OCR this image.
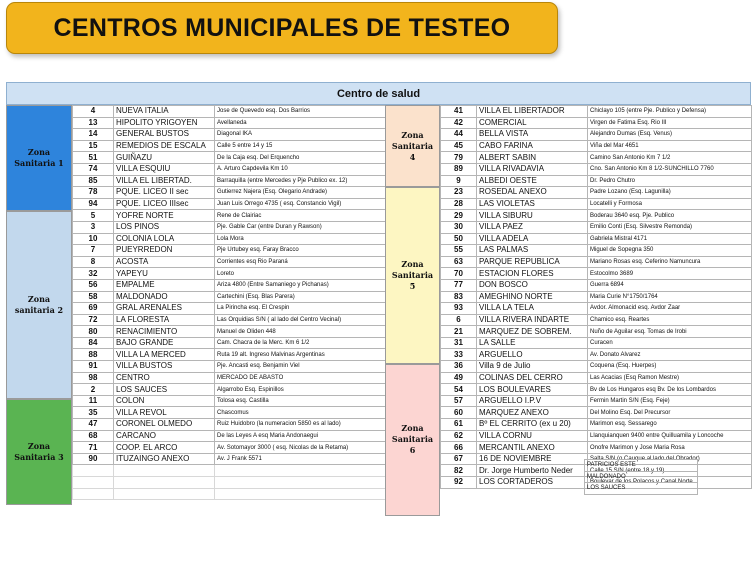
CENTROS MUNICIPALES DE TESTEO
Centro de salud
Zona
Sanitaria 1
Zona
sanitaria 2
Zona
Sanitaria 3
4	NUEVA ITALIA	Jose de Quevedo esq. Dos Barrios
13	HIPOLITO YRIGOYEN	Avellaneda
14	GENERAL BUSTOS	Diagonal IKA
15	REMEDIOS DE ESCALA	Calle 5 entre 14 y 15
51	GUIÑAZU	De la Caja esq. Del Erquencho
74	VILLA ESQUIU	A. Arturo Capdevila Km 10
85	VILLA EL LIBERTAD.	Barraquilla (entre Mercedes y Pje Publico ex. 12)
78	PQUE. LICEO II sec	Gutierrez Najera (Esq. Olegario Andrade)
94	PQUE. LICEO IIIsec	Juan Luis Orrego 4735 ( esq. Constancio Vigil)
5	YOFRE NORTE	Rene de Clairiac
3	LOS PINOS	Pje. Gable Car (entre Duran y Rawson)
10	COLONIA LOLA	Lola Mora
7	PUEYRREDON	Pje Urtubey esq. Faray Bracco
8	ACOSTA	Corrientes esq Rio Paraná
32	YAPEYU	Loreto
56	EMPALME	Ariza 4800 (Entre Samaniego y Pichanas)
58	MALDONADO	Cartechini (Esq. Blas Parera)
69	GRAL ARENALES	La Pirincha esq. El Crespin
72	LA FLORESTA	Las Orquidias S/N ( al lado del Centro Vecinal)
80	RENACIMIENTO	Manuel de Oliden 448
84	BAJO GRANDE	Cam. Chacra de la Merc. Km 6 1/2
88	VILLA LA MERCED	Ruta 19 alt. Ingreso Malvinas Argentinas
91	VILLA BUSTOS	Pje. Ancasti esq. Benjamin Viel
98	CENTRO	MERCADO DE ABASTO
2	LOS SAUCES	Algarrobo Esq. Espinillos
11	COLON	Tolosa esq. Castilla
35	VILLA REVOL	Chascomus
47	CORONEL OLMEDO	Ruiz Huidobro (la numeracion 5850 es al lado)
68	CARCANO	De las Leyes A esq Maria Andonaegui
71	COOP. EL ARCO	Av. Sotomayor 3000 ( esq. Nicolas de la Retama)
90	ITUZAINGO ANEXO	Av. J Frank 5571

Zona
Sanitaria
4
Zona
Sanitaria
5
Zona
Sanitaria
6
41	VILLA EL LIBERTADOR	Chiclayo 105 (entre Pje. Publico y Defensa)
42	COMERCIAL	Virgen de Fatima Esq. Rio III
44	BELLA VISTA	Alejandro Dumas (Esq. Venus)
45	CABO FARINA	Viña del Mar 4651
79	ALBERT SABIN	Camino San Antonio Km 7 1/2
89	VILLA RIVADAVIA	Cno. San Antonio Km 8 1/2-SUNCHILLO 7760
9	ALBEDI OESTE	Dr. Pedro Chutro
23	ROSEDAL ANEXO	Padre Lozano (Esq. Lagunilla)
28	LAS VIOLETAS	Locatelli y Formosa
29	VILLA SIBURU	Boderau 3640 esq. Pje. Publico
30	VILLA PAEZ	Emilio Conti (Esq. Silvestre Remonda)
50	VILLA ADELA	Gabriela Mistral 4171
55	LAS PALMAS	Miguel de Sopegna 350
63	PARQUE REPUBLICA	Mariano Rosas esq. Ceferino Namuncura
70	ESTACION FLORES	Estocolmo 3689
77	DON BOSCO	Guerra 6894
83	AMEGHINO NORTE	Maria Curie N°1750/1764
93	VILLA LA TELA	Avdor. Almonacid esq. Avdor Zaar
6	VILLA RIVERA INDARTE	Chamico esq. Reartes
21	MARQUEZ DE SOBREM.	Nuño de Aguilar esq. Tomas de Irobi
31	LA SALLE	Curacen
33	ARGUELLO	Av. Donato Alvarez
36	Villa 9 de Julio	Coquena (Esq. Huerpes)
49	COLINAS DEL CERRO	Las Acacias (Esq Ramon Mestre)
54	LOS BOULEVARES	Bv de Los Hungaros esq Bv. De los Lombardos
57	ARGUELLO I.P.V	Fermin Martin S/N (Esq. Feje)
60	MARQUEZ ANEXO	Del Molino Esq. Del Precursor
61	Bº EL CERRITO (ex u 20)	Marimon esq. Sessarego
62	VILLA CORNU	Llanquianquen 9400 entre Quilluamila y Loncoche
66	MERCANTIL ANEXO	Onofre Marimon y Jose Maria Rosa
67	16 DE NOVIEMBRE	Salta S/N (o Cauque al lado del Obrador)
82	Dr. Jorge Humberto Neder	Calle 15 S/N (entre 18 y 19)
92	LOS CORTADEROS	Boulevar de los Polacos y Canal Norte
PATRICIOS ESTE
MALDONADO
LOS SAUCES
